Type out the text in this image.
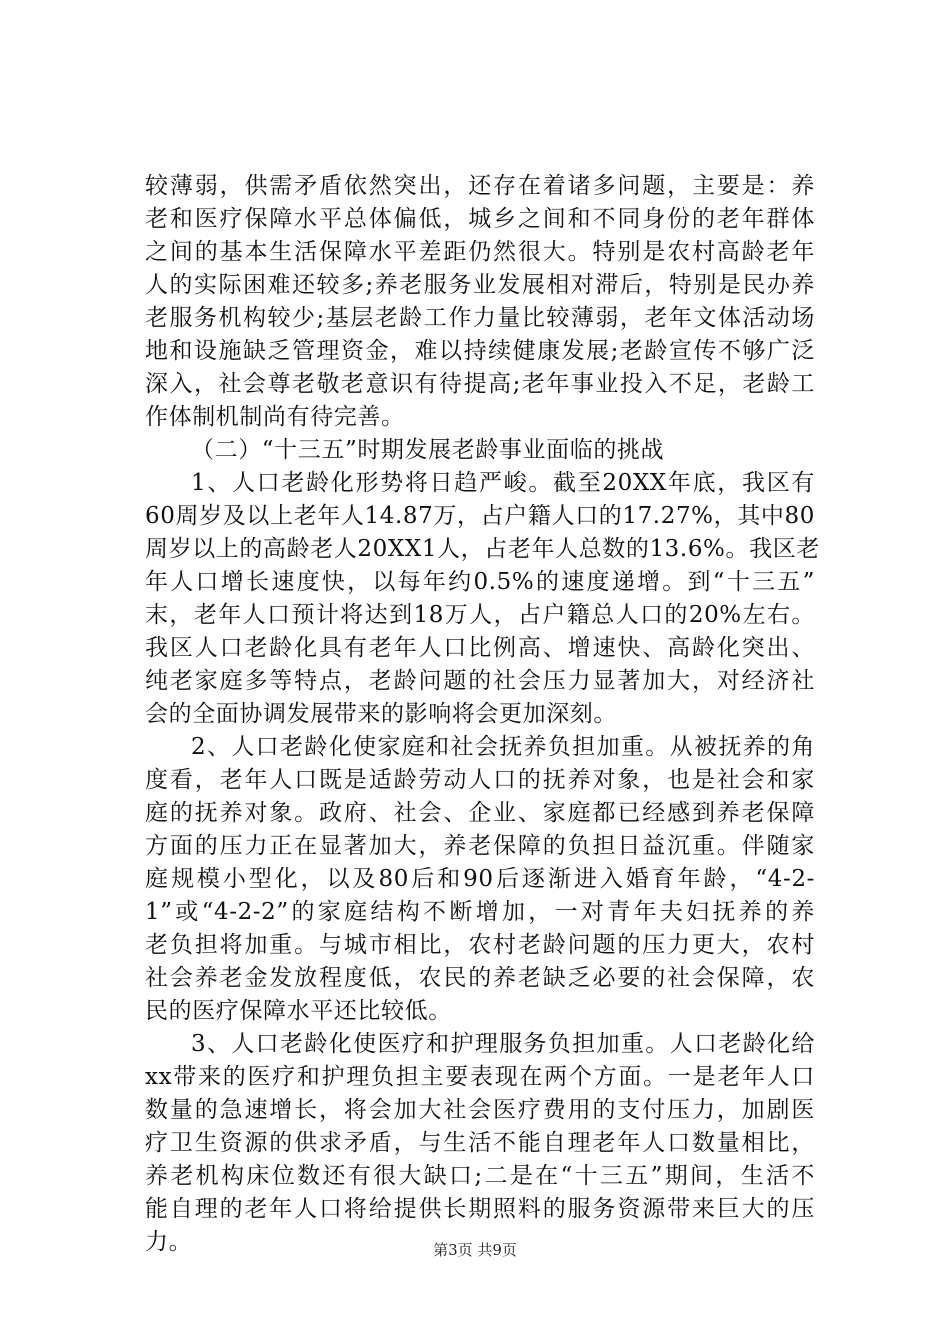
较薄弱，供需矛盾依然突出，还存在着诸多问题，主要是：养
老和医疗保障水平总体偏低，城乡之间和不同身份的老年群体
之间的基本生活保障水平差距仍然很大。特别是农村高龄老年
人的实际困难还较多;养老服务业发展相对滞后，特别是民办养
老服务机构较少;基层老龄工作力量比较薄弱，老年文体活动场
地和设施缺乏管理资金，难以持续健康发展;老龄宣传不够广泛
深入，社会尊老敬老意识有待提高;老年事业投入不足，老龄工
作体制机制尚有待完善。
（二）“十三五”时期发展老龄事业面临的挑战
1、人口老龄化形势将日趋严峻。截至20XX年底，我区有
60周岁及以上老年人14.87万，占户籍人口的17.27%，其中80
周岁以上的高龄老人20XX1人，占老年人总数的13.6%。我区老
年人口增长速度快，以每年约0.5%的速度递增。到“十三五”
末，老年人口预计将达到18万人，占户籍总人口的20%左右。
我区人口老龄化具有老年人口比例高、增速快、高龄化突出、
纯老家庭多等特点，老龄问题的社会压力显著加大，对经济社
会的全面协调发展带来的影响将会更加深刻。
2、人口老龄化使家庭和社会抚养负担加重。从被抚养的角
度看，老年人口既是适龄劳动人口的抚养对象，也是社会和家
庭的抚养对象。政府、社会、企业、家庭都已经感到养老保障
方面的压力正在显著加大，养老保障的负担日益沉重。伴随家
庭规模小型化，以及80后和90后逐渐进入婚育年龄，“4-2-
1”或“4-2-2”的家庭结构不断增加，一对青年夫妇抚养的养
老负担将加重。与城市相比，农村老龄问题的压力更大，农村
社会养老金发放程度低，农民的养老缺乏必要的社会保障，农
民的医疗保障水平还比较低。
3、人口老龄化使医疗和护理服务负担加重。人口老龄化给
xx带来的医疗和护理负担主要表现在两个方面。一是老年人口
数量的急速增长，将会加大社会医疗费用的支付压力，加剧医
疗卫生资源的供求矛盾，与生活不能自理老年人口数量相比，
养老机构床位数还有很大缺口;二是在“十三五”期间，生活不
能自理的老年人口将给提供长期照料的服务资源带来巨大的压
力。	第3页 共9页
